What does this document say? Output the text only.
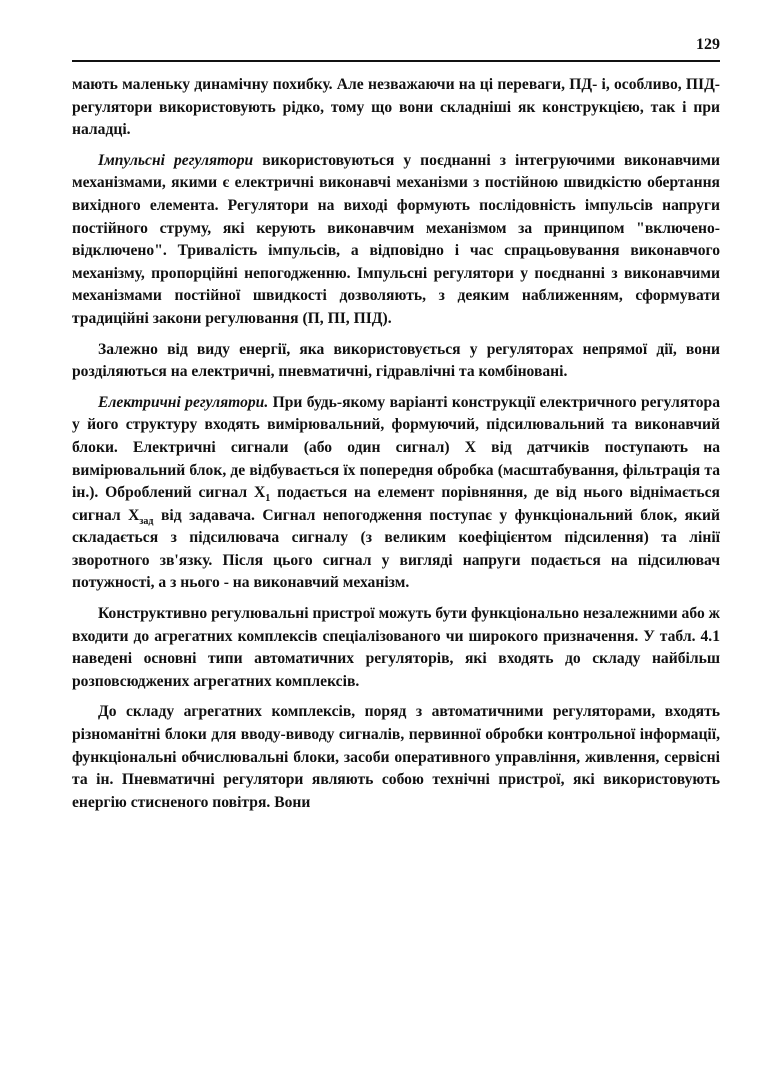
129

мають маленьку динамічну похибку. Але незважаючи на ці переваги, ПД- і, особливо, ПІД-регулятори використовують рідко, тому що вони складніші як конструкцією, так і при наладці.

Імпульсні регулятори використовуються у поєднанні з інтегруючими виконавчими механізмами, якими є електричні виконавчі механізми з постійною швидкістю обертання вихідного елемента. Регулятори на виході формують послідовність імпульсів напруги постійного струму, які керують виконавчим механізмом за принципом "включено-відключено". Тривалість імпульсів, а відповідно і час спрацьовування виконавчого механізму, пропорційні непогодженню. Імпульсні регулятори у поєднанні з виконавчими механізмами постійної швидкості дозволяють, з деяким наближенням, сформувати традиційні закони регулювання (П, ПІ, ПІД).

Залежно від виду енергії, яка використовується у регуляторах непрямої дії, вони розділяються на електричні, пневматичні, гідравлічні та комбіновані.

Електричні регулятори. При будь-якому варіанті конструкції електричного регулятора у його структуру входять вимірювальний, формуючий, підсилювальний та виконавчий блоки. Електричні сигнали (або один сигнал) X від датчиків поступають на вимірювальний блок, де відбувається їх попередня обробка (масштабування, фільтрація та ін.). Оброблений сигнал $X_1$ подається на елемент порівняння, де від нього віднімається сигнал $X_{зад}$ від задавача. Сигнал непогодження поступає у функціональний блок, який складається з підсилювача сигналу (з великим коефіцієнтом підсилення) та лінії зворотного зв'язку. Після цього сигнал у вигляді напруги подається на підсилювач потужності, а з нього - на виконавчий механізм.

Конструктивно регулювальні пристрої можуть бути функціонально незалежними або ж входити до агрегатних комплексів спеціалізованого чи широкого призначення. У табл. 4.1 наведені основні типи автоматичних регуляторів, які входять до складу найбільш розповсюджених агрегатних комплексів.

До складу агрегатних комплексів, поряд з автоматичними регуляторами, входять різноманітні блоки для вводу-виводу сигналів, первинної обробки контрольної інформації, функціональні обчислювальні блоки, засоби оперативного управління, живлення, сервісні та ін. Пневматичні регулятори являють собою технічні пристрої, які використовують енергію стисненого повітря. Вони
